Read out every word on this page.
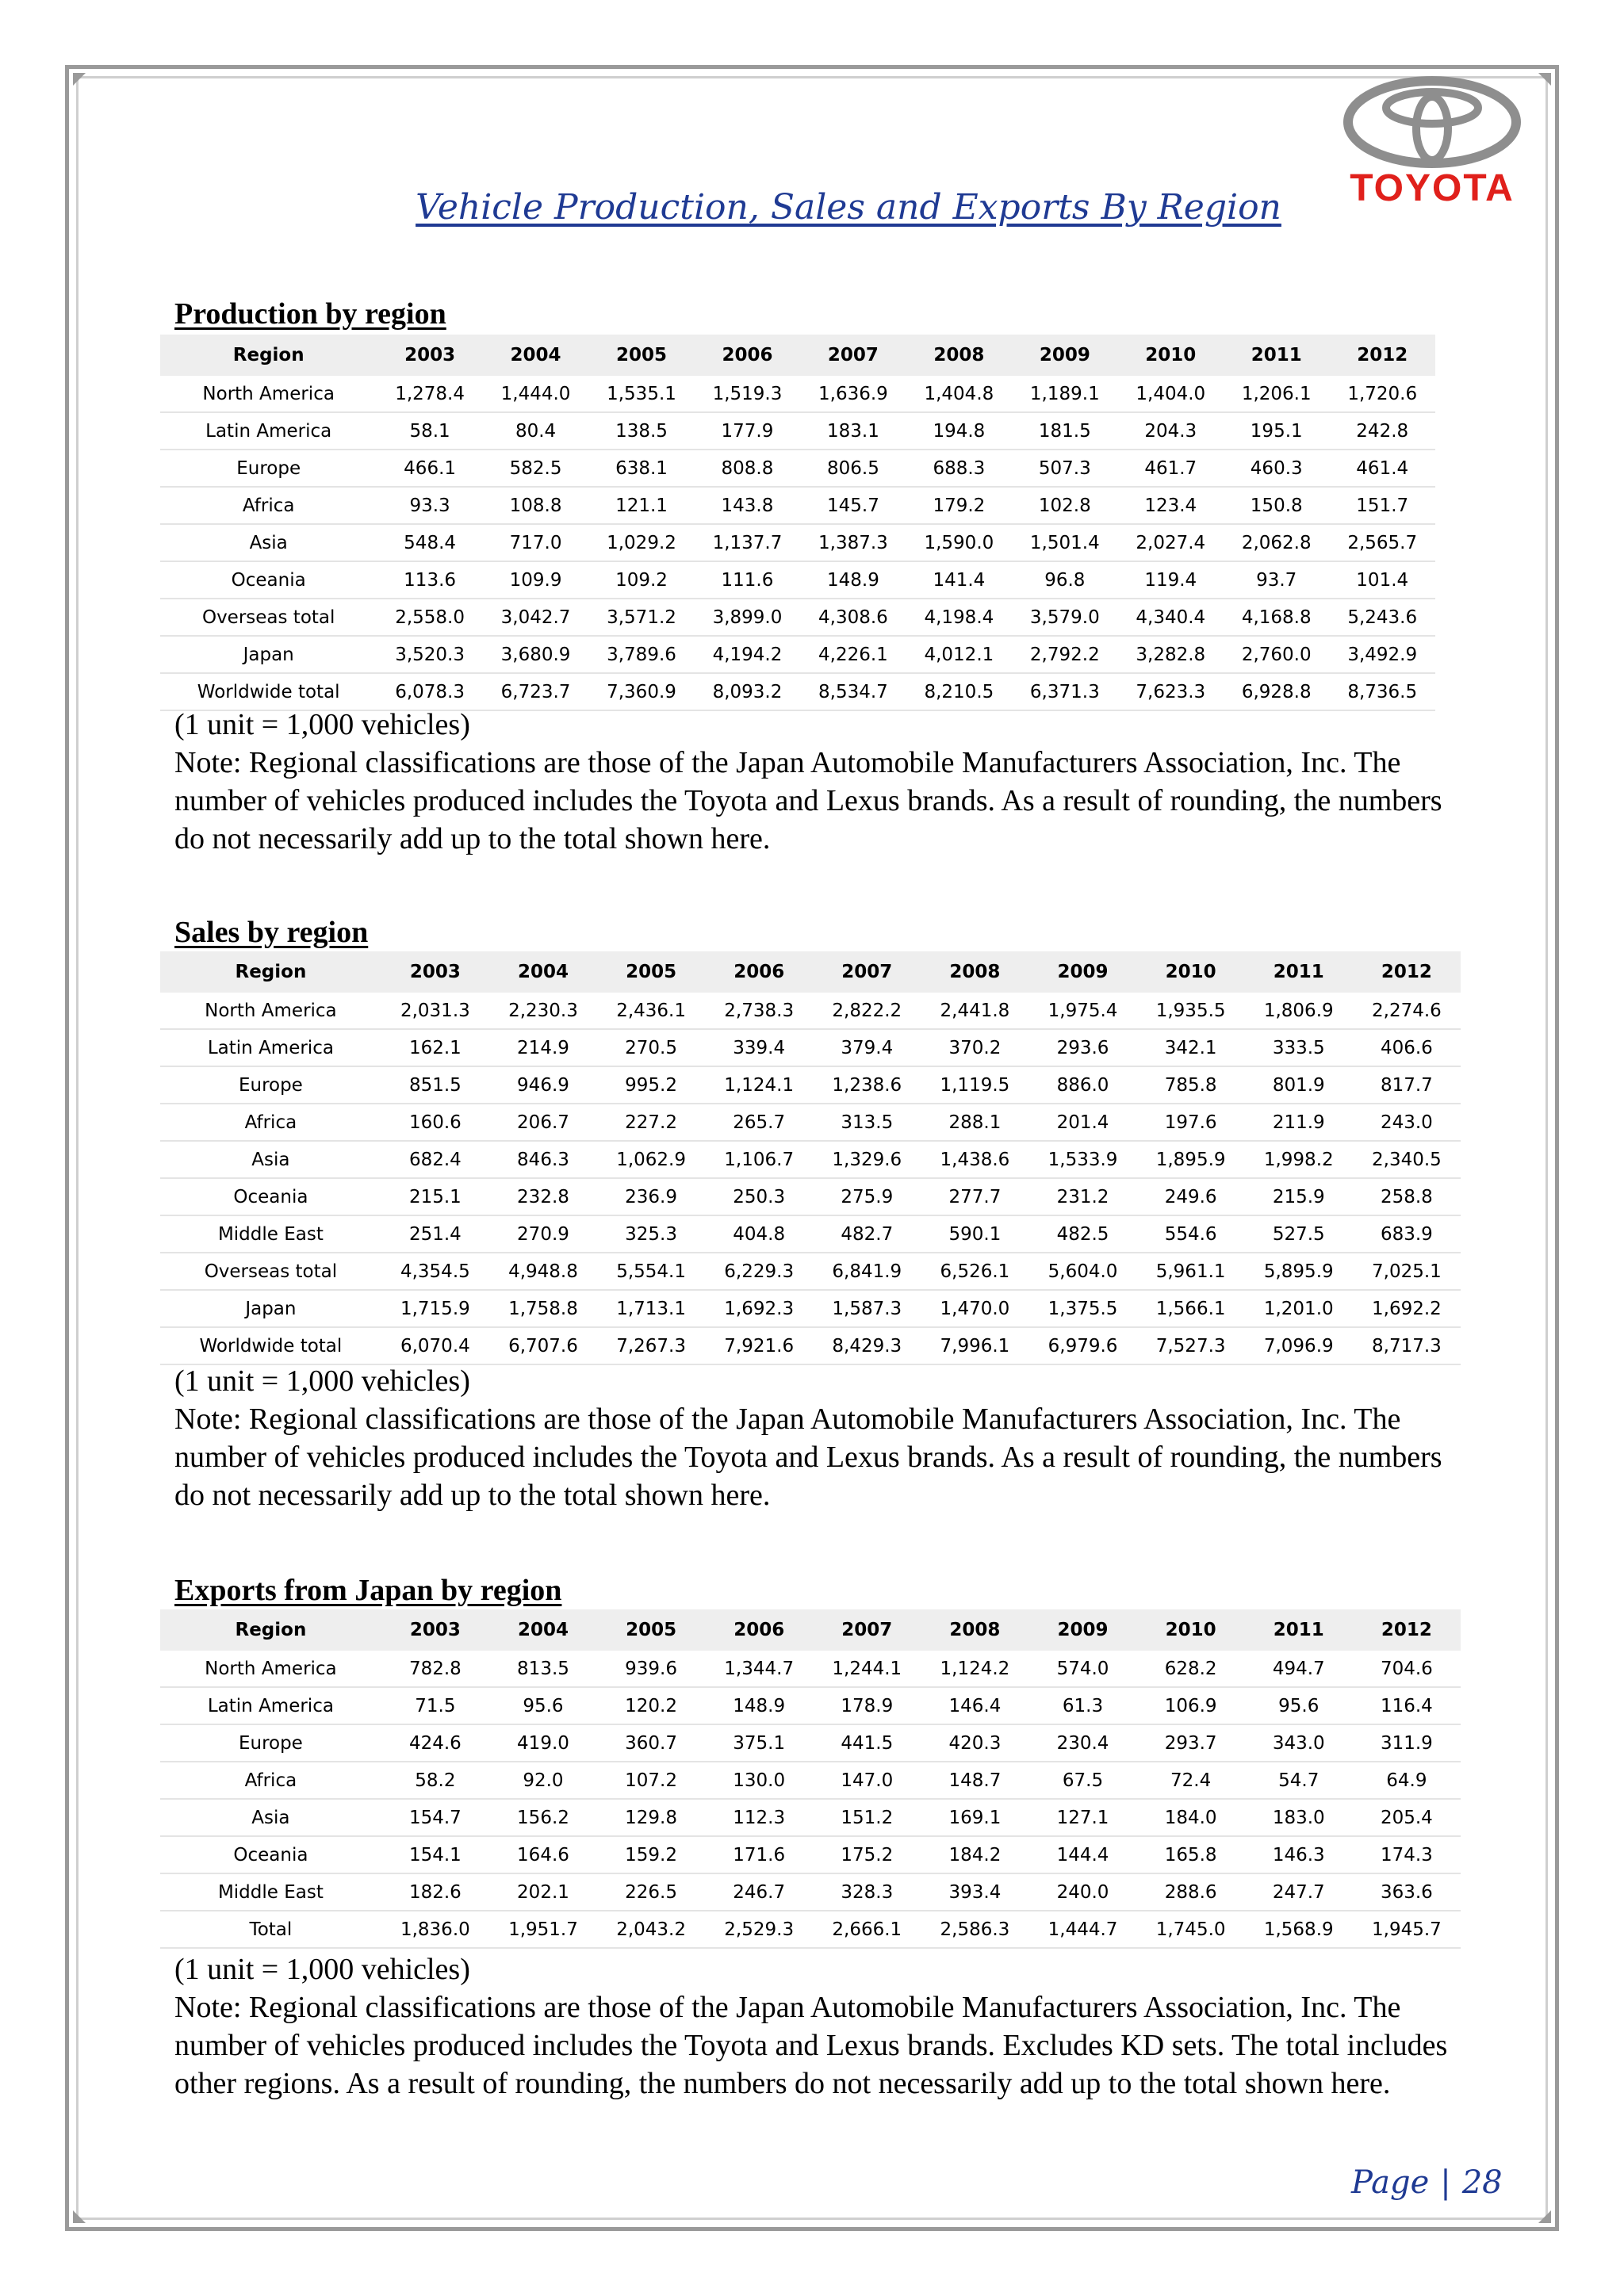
TOYOTA
Vehicle Production, Sales and Exports By Region
Production by region
Region	2003	2004	2005	2006	2007	2008	2009	2010	2011	2012
North America	1,278.4	1,444.0	1,535.1	1,519.3	1,636.9	1,404.8	1,189.1	1,404.0	1,206.1	1,720.6
Latin America	58.1	80.4	138.5	177.9	183.1	194.8	181.5	204.3	195.1	242.8
Europe	466.1	582.5	638.1	808.8	806.5	688.3	507.3	461.7	460.3	461.4
Africa	93.3	108.8	121.1	143.8	145.7	179.2	102.8	123.4	150.8	151.7
Asia	548.4	717.0	1,029.2	1,137.7	1,387.3	1,590.0	1,501.4	2,027.4	2,062.8	2,565.7
Oceania	113.6	109.9	109.2	111.6	148.9	141.4	96.8	119.4	93.7	101.4
Overseas total	2,558.0	3,042.7	3,571.2	3,899.0	4,308.6	4,198.4	3,579.0	4,340.4	4,168.8	5,243.6
Japan	3,520.3	3,680.9	3,789.6	4,194.2	4,226.1	4,012.1	2,792.2	3,282.8	2,760.0	3,492.9
Worldwide total	6,078.3	6,723.7	7,360.9	8,093.2	8,534.7	8,210.5	6,371.3	7,623.3	6,928.8	8,736.5

(1 unit = 1,000 vehicles)

Note: Regional classifications are those of the Japan Automobile Manufacturers Association, Inc. The number of vehicles produced includes the Toyota and Lexus brands. As a result of rounding, the numbers do not necessarily add up to the total shown here.

Sales by region
Region	2003	2004	2005	2006	2007	2008	2009	2010	2011	2012
North America	2,031.3	2,230.3	2,436.1	2,738.3	2,822.2	2,441.8	1,975.4	1,935.5	1,806.9	2,274.6
Latin America	162.1	214.9	270.5	339.4	379.4	370.2	293.6	342.1	333.5	406.6
Europe	851.5	946.9	995.2	1,124.1	1,238.6	1,119.5	886.0	785.8	801.9	817.7
Africa	160.6	206.7	227.2	265.7	313.5	288.1	201.4	197.6	211.9	243.0
Asia	682.4	846.3	1,062.9	1,106.7	1,329.6	1,438.6	1,533.9	1,895.9	1,998.2	2,340.5
Oceania	215.1	232.8	236.9	250.3	275.9	277.7	231.2	249.6	215.9	258.8
Middle East	251.4	270.9	325.3	404.8	482.7	590.1	482.5	554.6	527.5	683.9
Overseas total	4,354.5	4,948.8	5,554.1	6,229.3	6,841.9	6,526.1	5,604.0	5,961.1	5,895.9	7,025.1
Japan	1,715.9	1,758.8	1,713.1	1,692.3	1,587.3	1,470.0	1,375.5	1,566.1	1,201.0	1,692.2
Worldwide total	6,070.4	6,707.6	7,267.3	7,921.6	8,429.3	7,996.1	6,979.6	7,527.3	7,096.9	8,717.3

(1 unit = 1,000 vehicles)

Note: Regional classifications are those of the Japan Automobile Manufacturers Association, Inc. The number of vehicles produced includes the Toyota and Lexus brands. As a result of rounding, the numbers do not necessarily add up to the total shown here.

Exports from Japan by region
Region	2003	2004	2005	2006	2007	2008	2009	2010	2011	2012
North America	782.8	813.5	939.6	1,344.7	1,244.1	1,124.2	574.0	628.2	494.7	704.6
Latin America	71.5	95.6	120.2	148.9	178.9	146.4	61.3	106.9	95.6	116.4
Europe	424.6	419.0	360.7	375.1	441.5	420.3	230.4	293.7	343.0	311.9
Africa	58.2	92.0	107.2	130.0	147.0	148.7	67.5	72.4	54.7	64.9
Asia	154.7	156.2	129.8	112.3	151.2	169.1	127.1	184.0	183.0	205.4
Oceania	154.1	164.6	159.2	171.6	175.2	184.2	144.4	165.8	146.3	174.3
Middle East	182.6	202.1	226.5	246.7	328.3	393.4	240.0	288.6	247.7	363.6
Total	1,836.0	1,951.7	2,043.2	2,529.3	2,666.1	2,586.3	1,444.7	1,745.0	1,568.9	1,945.7

(1 unit = 1,000 vehicles)

Note: Regional classifications are those of the Japan Automobile Manufacturers Association, Inc. The number of vehicles produced includes the Toyota and Lexus brands. Excludes KD sets. The total includes other regions. As a result of rounding, the numbers do not necessarily add up to the total shown here.

Page | 28
